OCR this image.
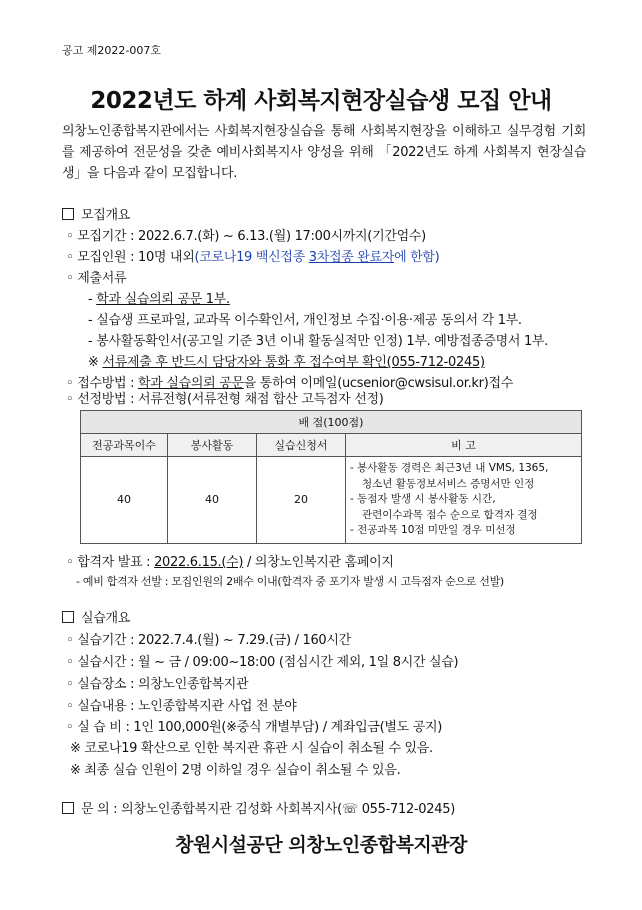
공고 제2022-007호
2022년도 하계 사회복지현장실습생 모집 안내
의창노인종합복지관에서는 사회복지현장실습을 통해 사회복지현장을 이해하고 실무경험 기회를 제공하여 전문성을 갖춘 예비사회복지사 양성을 위해 「2022년도 하계 사회복지 현장실습생」을 다음과 같이 모집합니다.
모집개요
◦ 모집기간 : 2022.6.7.(화) ~ 6.13.(월) 17:00시까지(기간엄수)
◦ 모집인원 : 10명 내외(코로나19 백신접종 3차접종 완료자에 한함)
◦ 제출서류
- 학과 실습의뢰 공문 1부.
- 실습생 프로파일, 교과목 이수확인서, 개인정보 수집·이용·제공 동의서 각 1부.
- 봉사활동확인서(공고일 기준 3년 이내 활동실적만 인정) 1부. 예방접종증명서 1부.
※ 서류제출 후 반드시 담당자와 통화 후 접수여부 확인(055-712-0245)
◦ 접수방법 : 학과 실습의뢰 공문을 통하여 이메일(ucsenior@cwsisul.or.kr)접수
◦ 선정방법 : 서류전형(서류전형 채점 합산 고득점자 선정)
배 점(100점)			
전공과목이수	봉사활동	실습신청서	비 고
40	40	20	- 봉사활동 경력은 최근3년 내 VMS, 1365,
청소년 활동정보서비스 증명서만 인정
- 동점자 발생 시 봉사활동 시간,
관련이수과목 점수 순으로 합격자 결정
- 전공과목 10점 미만일 경우 미선정
◦ 합격자 발표 : 2022.6.15.(수) / 의창노인복지관 홈페이지
- 예비 합격자 선발 : 모집인원의 2배수 이내(합격자 중 포기자 발생 시 고득점자 순으로 선발)
실습개요
◦ 실습기간 : 2022.7.4.(월) ~ 7.29.(금) / 160시간
◦ 실습시간 : 월 ~ 금 / 09:00~18:00 (점심시간 제외, 1일 8시간 실습)
◦ 실습장소 : 의창노인종합복지관
◦ 실습내용 : 노인종합복지관 사업 전 분야
◦ 실 습 비 : 1인 100,000원(※중식 개별부담) / 계좌입금(별도 공지)
※ 코로나19 확산으로 인한 복지관 휴관 시 실습이 취소될 수 있음.
※ 최종 실습 인원이 2명 이하일 경우 실습이 취소될 수 있음.
문 의 : 의창노인종합복지관 김성화 사회복지사(☏ 055-712-0245)
창원시설공단 의창노인종합복지관장
